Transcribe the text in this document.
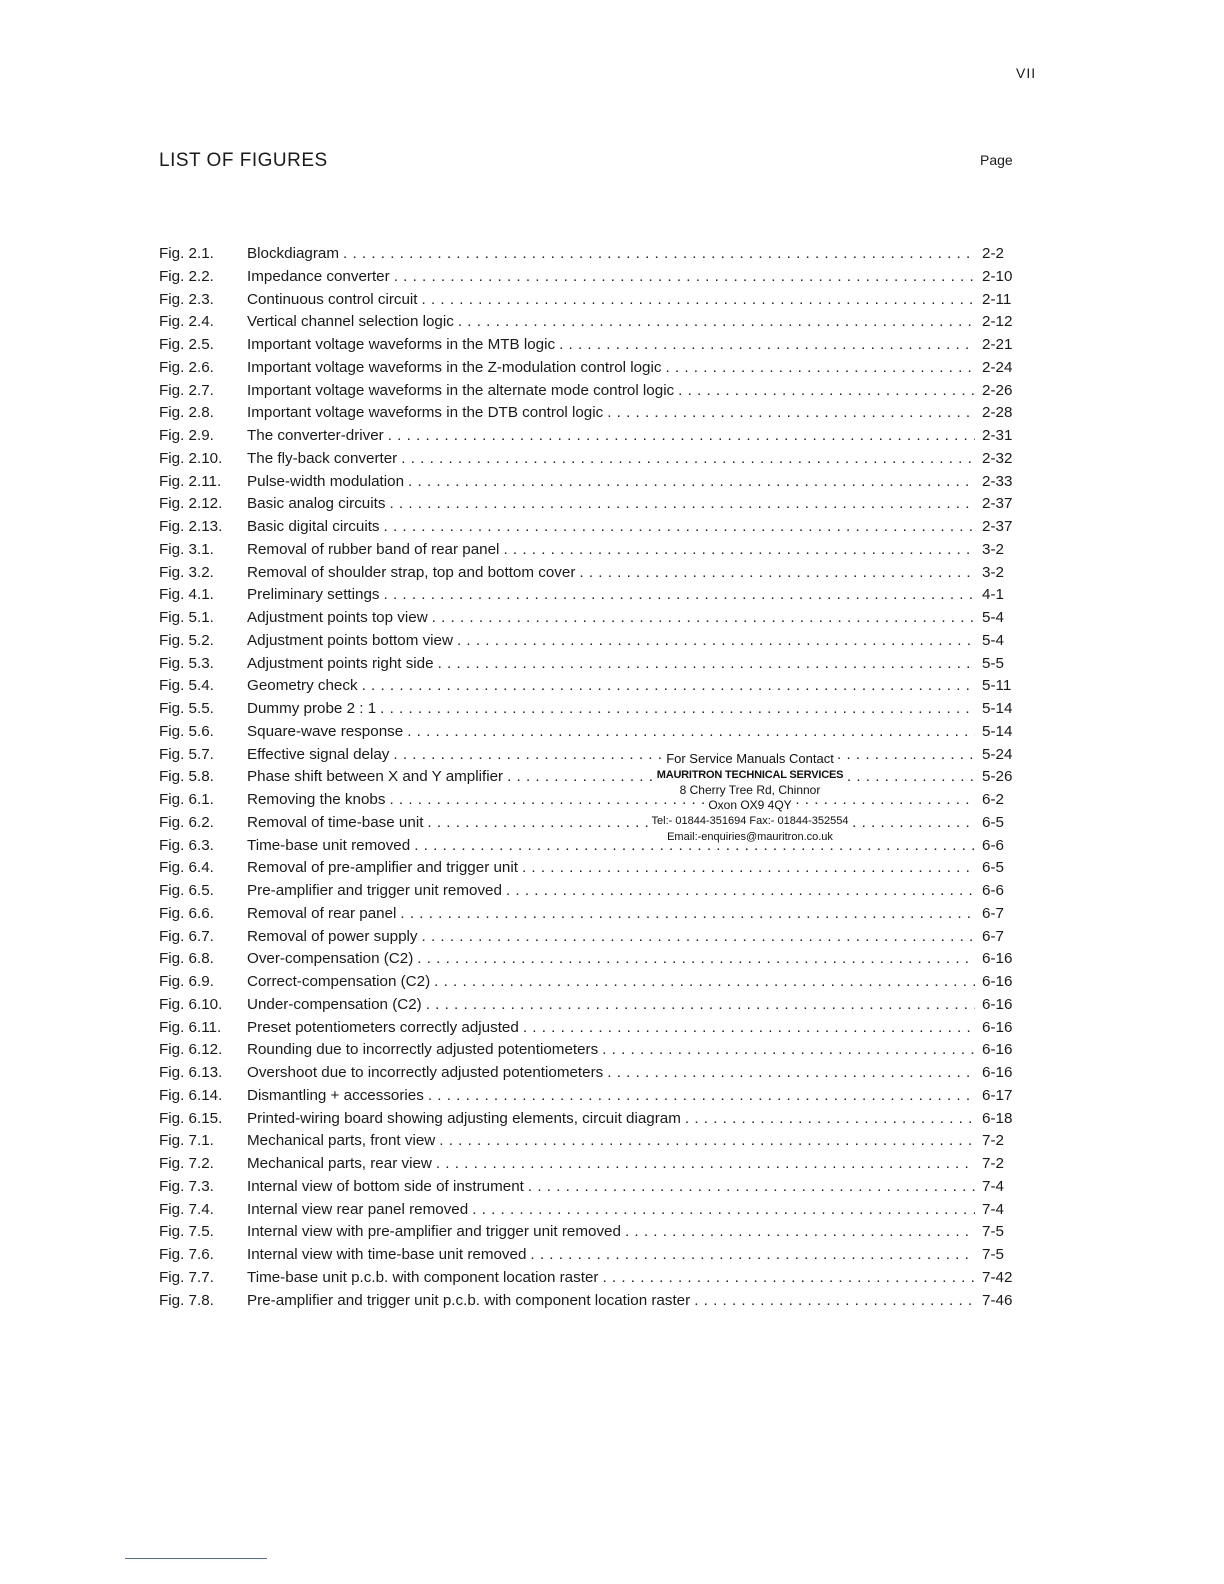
VII
LIST OF FIGURES	Page
Fig. 2.1.	Blockdiagram . . .	2-2
Fig. 2.2.	Impedance converter . . .	2-10
Fig. 2.3.	Continuous control circuit . . .	2-11
Fig. 2.4.	Vertical channel selection logic . . .	2-12
Fig. 2.5.	Important voltage waveforms in the MTB logic . . .	2-21
Fig. 2.6.	Important voltage waveforms in the Z-modulation control logic . . .	2-24
Fig. 2.7.	Important voltage waveforms in the alternate mode control logic . . .	2-26
Fig. 2.8.	Important voltage waveforms in the DTB control logic . . .	2-28
Fig. 2.9.	The converter-driver . . .	2-31
Fig. 2.10.	The fly-back converter . . .	2-32
Fig. 2.11.	Pulse-width modulation . . .	2-33
Fig. 2.12.	Basic analog circuits . . .	2-37
Fig. 2.13.	Basic digital circuits . . .	2-37
Fig. 3.1.	Removal of rubber band of rear panel . . .	3-2
Fig. 3.2.	Removal of shoulder strap, top and bottom cover . . .	3-2
Fig. 4.1.	Preliminary settings . . .	4-1
Fig. 5.1.	Adjustment points top view . . .	5-4
Fig. 5.2.	Adjustment points bottom view . . .	5-4
Fig. 5.3.	Adjustment points right side . . .	5-5
Fig. 5.4.	Geometry check . . .	5-11
Fig. 5.5.	Dummy probe 2 : 1 . . .	5-14
Fig. 5.6.	Square-wave response . . .	5-14
Fig. 5.7.	Effective signal delay . . .	5-24
Fig. 5.8.	Phase shift between X and Y amplifier . . .	5-26
Fig. 6.1.	Removing the knobs . . .	6-2
Fig. 6.2.	Removal of time-base unit . . .	6-5
Fig. 6.3.	Time-base unit removed . . .	6-6
Fig. 6.4.	Removal of pre-amplifier and trigger unit . . .	6-5
Fig. 6.5.	Pre-amplifier and trigger unit removed . . .	6-6
Fig. 6.6.	Removal of rear panel . . .	6-7
Fig. 6.7.	Removal of power supply . . .	6-7
Fig. 6.8.	Over-compensation (C2) . . .	6-16
Fig. 6.9.	Correct-compensation (C2) . . .	6-16
Fig. 6.10.	Under-compensation (C2) . . .	6-16
Fig. 6.11.	Preset potentiometers correctly adjusted . . .	6-16
Fig. 6.12.	Rounding due to incorrectly adjusted potentiometers . . .	6-16
Fig. 6.13.	Overshoot due to incorrectly adjusted potentiometers . . .	6-16
Fig. 6.14.	Dismantling + accessories . . .	6-17
Fig. 6.15.	Printed-wiring board showing adjusting elements, circuit diagram . . .	6-18
Fig. 7.1.	Mechanical parts, front view . . .	7-2
Fig. 7.2.	Mechanical parts, rear view . . .	7-2
Fig. 7.3.	Internal view of bottom side of instrument . . .	7-4
Fig. 7.4.	Internal view rear panel removed . . .	7-4
Fig. 7.5.	Internal view with pre-amplifier and trigger unit removed . . .	7-5
Fig. 7.6.	Internal view with time-base unit removed . . .	7-5
Fig. 7.7.	Time-base unit p.c.b. with component location raster . . .	7-42
Fig. 7.8.	Pre-amplifier and trigger unit p.c.b. with component location raster . . .	7-46
For Service Manuals Contact
MAURITRON TECHNICAL SERVICES
8 Cherry Tree Rd, Chinnor
Oxon OX9 4QY
Tel:- 01844-351694 Fax:- 01844-352554
Email:-enquiries@mauritron.co.uk
